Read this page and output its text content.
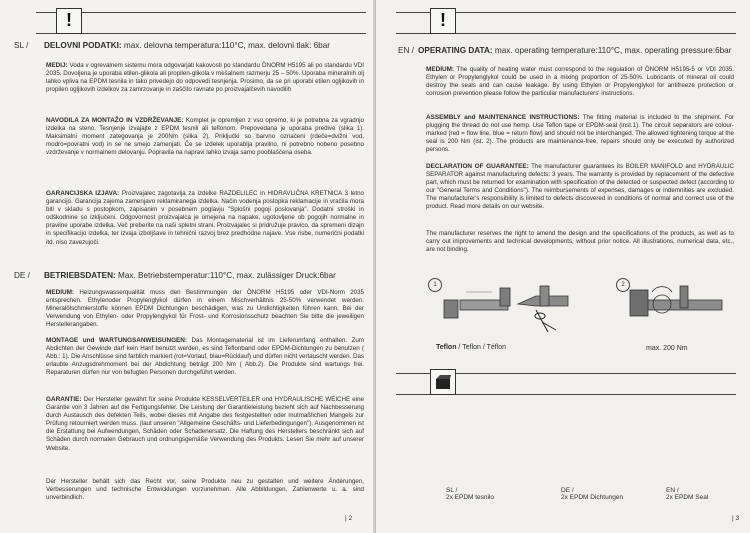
!
SL / DELOVNI PODATKI: max. delovna temperatura:110°C, max. delovni tlak: 6bar
MEDIJ: Voda v ogrevalnem sistemu mora odgovarjati kakovosti po standardu ÖNORM H5195 ali po standardu VDI 2035. Dovoljena je uporaba etilen-glikola ali propilen-glikola v mešalnem razmerju 25 – 50%. Uporaba mineralnih olj lahko vpliva na EPDM tesnila in tako privedejo do odpovedi tesnjenja. Prosimo, da se pri uporabi etilen ogljikovih in propilen ogljikovih izdelkov za zamrzovanje in zaščito ravnate po proizvajalčevih navodilih
NAVODILA ZA MONTAŽO IN VZDRŽEVANJE: Komplet je opremljen z vso opremo, ki je potrebna za vgradnjo izdelka na steno. Tesnjenje izvajajte z EPDM tesnili ali teflonom. Prepovedana je uporaba predive (slika 1). Maksimalni moment zategovanja je 200Nm (slika 2). Priključki so barvno označeni (rdeče=dvižni vod, modro=povratni vod) in se ne smejo zamenjati. Če se izdelek uporablja pravilno, ni potrebno nobeno posebno vzdrževanje v normalnem delovanju. Popravila na napravi lahko izvaja samo pooblaščena oseba.
GARANCIJSKA IZJAVA: Proizvajalec zagotavlja za izdelke RAZDELILEC in HIDRAVLIČNA KRETNICA 3 letno garancijo. Garancija zajema zamenjavo reklamiranega izdelka. Način vodenja postopka reklamacije in vračila mora biti v skladu s postopkom, zapisanim v posebnem poglavju "Splošni pogoji poslovanja". Dodatni stroški in odškodnine so izključeni. Odgovornost proizvajalca je omejena na napake, ugotovljene ob pogojih normalne in pravilne uporabe izdelka. Več preberite na naši spletni strani. Proizvajalec si pridružuje pravico, da spremeni dizajn in specifikacijo izdelka, ter izvaja izboljšave in tehnični razvoj brez predhodne najave. Vse risbe, numerični podatki itd. niso zavezujoči.
DE / BETRIEBSDATEN: Max. Betriebstemperatur:110°C, max. zulässiger Druck:6bar
MEDIUM: Heizungswasserqualität muss den Bestimmungen der ÖNORM H5195 oder VDI-Norm 2035 entsprechen. Ethylenoder Propylenglykol dürfen in einem Mischverhältnis 25-50% verwendet werden. Mineralölschmierstoffe können EPDM Dichtungen beschädigen, was zu Undichtigkeiten führen kann. Bei der Verwendung von Ethylen- oder Propylenglykol für Frost- und Korrosionsschutz beachten Sie bitte die jeweiligen Herstellerangaben.
MONTAGE und WARTUNGSANWEISUNGEN: Das Montagematerial ist im Lieferumfang enthalten. Zum Abdichten der Gewinde darf kein Hanf benutzt werden, es sind Teflonband oder EPDM-Dichtungen zu benutzen ( Abb.: 1). Die Anschlüsse sind farblich markiert (rot=Vorlauf, blau=Rücklauf) und dürfen nicht vertauscht werden. Das erlaubte Anzugsdrehmoment bei der Abdichtung beträgt 200 Nm ( Abb.2). Die Produkte sind wartungs frei. Reparaturen dürfen nur von befugten Personen durchgeführt werden.
GARANTIE: Der Hersteller gewährt für seine Produkte KESSELVERTEILER und HYDRAULISCHE WEICHE eine Garantie von 3 Jahren auf die Fertigungsfehler. Die Leistung der Garantieleistung bezieht sich auf Nachbesserung durch Austausch des defekten Teils, wobei dieses mit Angabe des festgestellten oder mutmaßlichen Mangels zur Prüfung retourniert werden muss. (laut unseren "Allgemeine Geschäfts- und Lieferbedingungen"). Ausgenommen ist die Erstattung bei Aufwendungen, Schäden oder Schadenersatz. Die Haftung des Herstellers beschränkt sich auf Schäden durch normalen Gebrauch und ordnungsgemäße Verwendung des Produkts. Lesen Sie mehr auf unserer Website.
Der Hersteller behält sich das Recht vor, seine Produkte neu zu gestalten und weitere Änderungen, Verbesserungen und technische Entwicklungen vorzunehmen. Alle Abbildungen, Zahlenwerte u. a. sind unverbindlich.
| 2
!
EN / OPERATING DATA: max. operating temperature:110°C, max. operating pressure:6bar
MEDIUM: The quality of heating water must correspond to the regulation of ÖNORM H5195-5 or VDI 2035. Ethylen or Propylenglykol could be used in a mixing proportion of 25-50%. Lubricants of mineral oil could destroy the seals and can cause leakage. By using Ethylen or Propylenglykol for antifreeze protection or corrosion prevention please follow the particular manufacturers' instructions.
ASSEMBLY and MAINTENANCE INSTRUCTIONS: The fitting material is included to the shipment. For plugging the thread do not use hemp. Use Teflon tape or EPDM-seal (inst.1). The circuit separators are colour-marked (red = flow line, blue = return flow) and should not be interchanged. The allowed tightening torque at the seal is 200 Nm (ist. 2). The products are maintenance-free, repairs should only be executed by authorized persons.
DECLARATION OF GUARANTEE: The manufacturer guarantees its BOILER MANIFOLD and HYDRAULIC SEPARATOR against manufacturing defects: 3 years. The warranty is provided by replacement of the defective part, which must be returned for examination with specification of the detected or suspected defect (according to our "General Terms and Conditions"). The reimbursements of expenses, damages or indemnities are excluded. The manufacturer's responsibility is limited to defects discovered in conditions of normal and correct use of the product. Read more details on our website.
The manufacturer reserves the right to amend the design and the specifications of the products, as well as to carry out improvements and technical developments, without prior notice. All illustrations, numerical data, etc., are not binding.
1
Teflon / Teflon / Téflon
2
max. 200 Nm
SL /
2x EPDM tesnilo
DE /
2x EPDM Dichtungen
EN /
2x EPDM Seal
| 3
